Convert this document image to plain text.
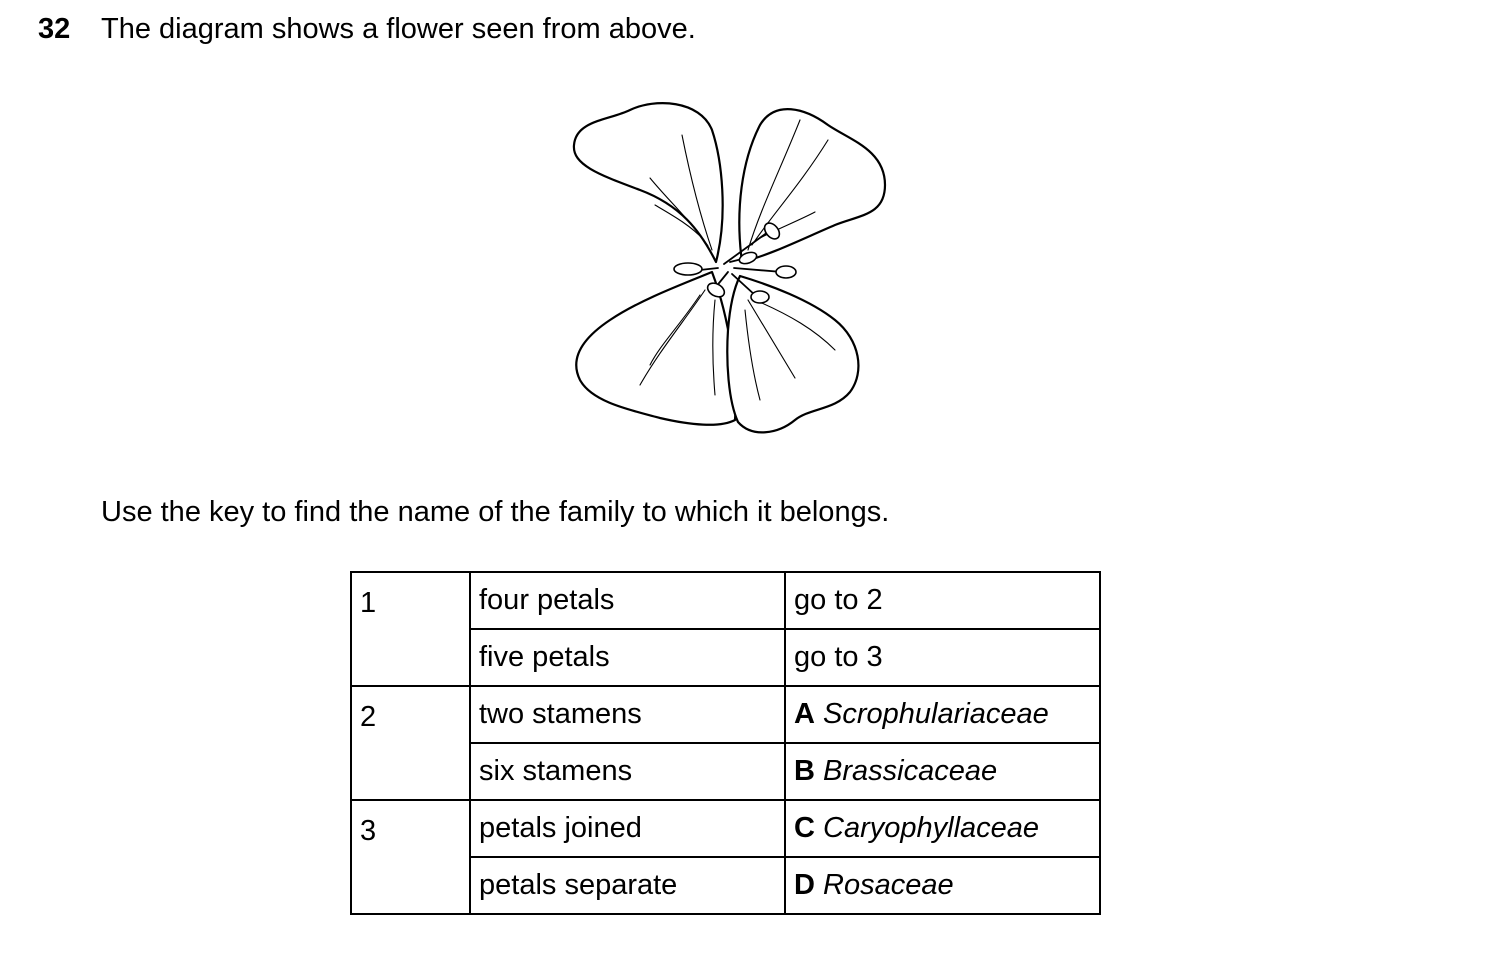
32 The diagram shows a flower seen from above.
Use the key to find the name of the family to which it belongs.
1	four petals	go to 2
	five petals	go to 3
2	two stamens	A Scrophulariaceae
	six stamens	B Brassicaceae
3	petals joined	C Caryophyllaceae
	petals separate	D Rosaceae
